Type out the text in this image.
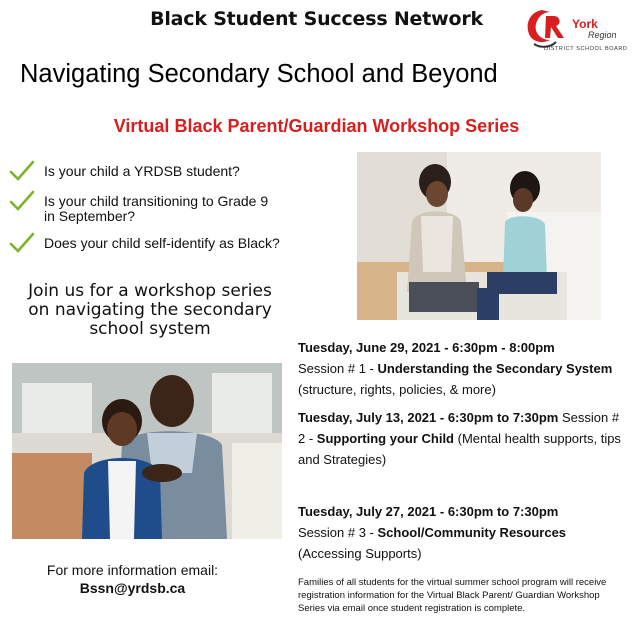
Black Student Success Network	York
Region
DISTRICT SCHOOL BOARD
Navigating Secondary School and Beyond
Virtual Black Parent/Guardian Workshop Series
Is your child a YRDSB student?
Is your child transitioning to Grade 9
in September?
Does your child self-identify as Black?
Join us for a workshop series
on navigating the secondary
school system
For more information email:
Bssn@yrdsb.ca
Tuesday, June 29, 2021 - 6:30pm - 8:00pm
Session # 1 - Understanding the Secondary System (structure, rights, policies, & more)
Tuesday, July 13, 2021 - 6:30pm to 7:30pm Session # 2 - Supporting your Child (Mental health supports, tips and Strategies)
Tuesday, July 27, 2021 - 6:30pm to 7:30pm
Session # 3 - School/Community Resources (Accessing Supports)
Families of all students for the virtual summer school program will receive registration information for the Virtual Black Parent/ Guardian Workshop Series via email once student registration is complete.
